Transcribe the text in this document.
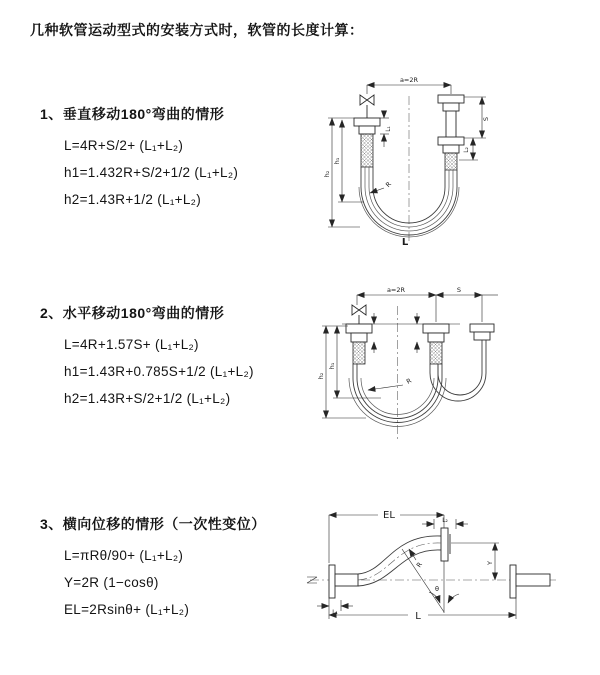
几种软管运动型式的安装方式时，软管的长度计算：
1、垂直移动180°弯曲的情形
L=4R+S/2+ (L₁+L₂)
h1=1.432R+S/2+1/2 (L₁+L₂)
h2=1.43R+1/2 (L₁+L₂)
2、水平移动180°弯曲的情形
L=4R+1.57S+ (L₁+L₂)
h1=1.43R+0.785S+1/2 (L₁+L₂)
h2=1.43R+S/2+1/2 (L₁+L₂)
3、横向位移的情形（一次性变位）
L=πRθ/90+ (L₁+L₂)
Y=2R (1−cosθ)
EL=2Rsinθ+ (L₁+L₂)
a=2R
h₁
h₂
L₁
S
L₂
R
L
a=2R	S
h₁
h₂
R
EL	L₂
θ
R	Y
L₁	L
